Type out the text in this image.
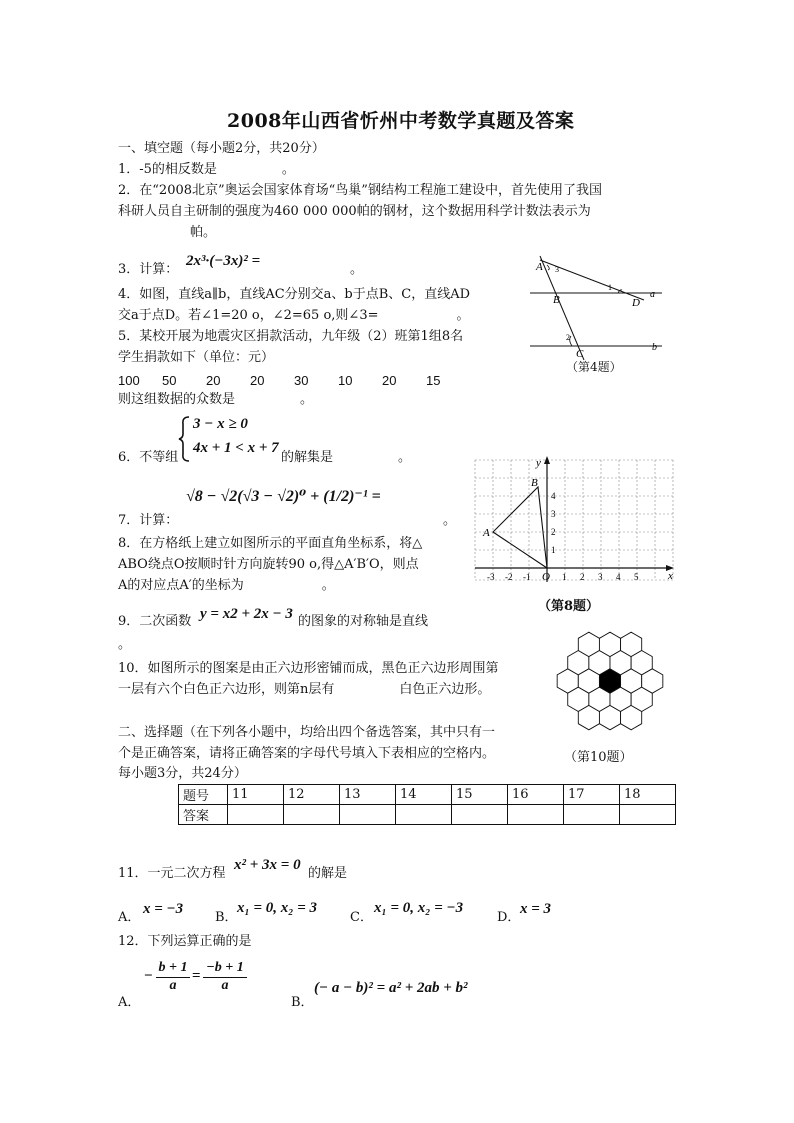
2008年山西省忻州中考数学真题及答案
一、填空题（每小题2分，共20分）
1．-5的相反数是　　　　　。
2．在“2008北京”奥运会国家体育场“鸟巢”钢结构工程施工建设中，首先使用了我国
科研人员自主研制的强度为460 000 000帕的钢材，这个数据用科学计数法表示为
帕。
3．计算：
2x³·(−3x)² =
。
4．如图，直线a∥b，直线AC分别交a、b于点B、C，直线AD
交a于点D。若∠1=20 o，∠2=65 o,则∠3=　　　　　　。
5．某校开展为地震灾区捐款活动，九年级（2）班第1组8名
学生捐款如下（单位：元）
100 50 20 20 30 10 20 15
则这组数据的众数是　　　　　。
3 − x ≥ 0
4x + 1 < x + 7
6．不等组	的解集是　　　　　。
√8 − √2(√3 − √2)⁰ + (1/2)⁻¹ =
7．计算：	。
8．在方格纸上建立如图所示的平面直角坐标系，将△
ABO绕点O按顺时针方向旋转90 o,得△A′B′O，则点
A的对应点A′的坐标为　　　　　　。
9．二次函数 y = x2 + 2x − 3 的图象的对称轴是直线
。
10．如图所示的图案是由正六边形密铺而成，黑色正六边形周围第
一层有六个白色正六边形，则第n层有　　　　　白色正六边形。
二、选择题（在下列各小题中，均给出四个备选答案，其中只有一
个是正确答案，请将正确答案的字母代号填入下表相应的空格内。
每小题3分，共24分）
题号	11	12	13	14	15	16	17	18
答案								
11．一元二次方程
x² + 3x = 0
的解是
A．
x = −3
B．
x₁ = 0, x₂ = 3
C．
x₁ = 0, x₂ = −3
D．
x = 3
12．下列运算正确的是
A．
− $\frac{b + 1}{a} = \frac{-b + 1}{a}$
B．
(− a − b)² = a² + 2ab + b²
A 3
1
D
a
B
2
C
b
（第4题）
A
B
O	x
y
-3 -2 -1	1 2 3 4 5
1
2
3
4
（第8题）
（第10题）
